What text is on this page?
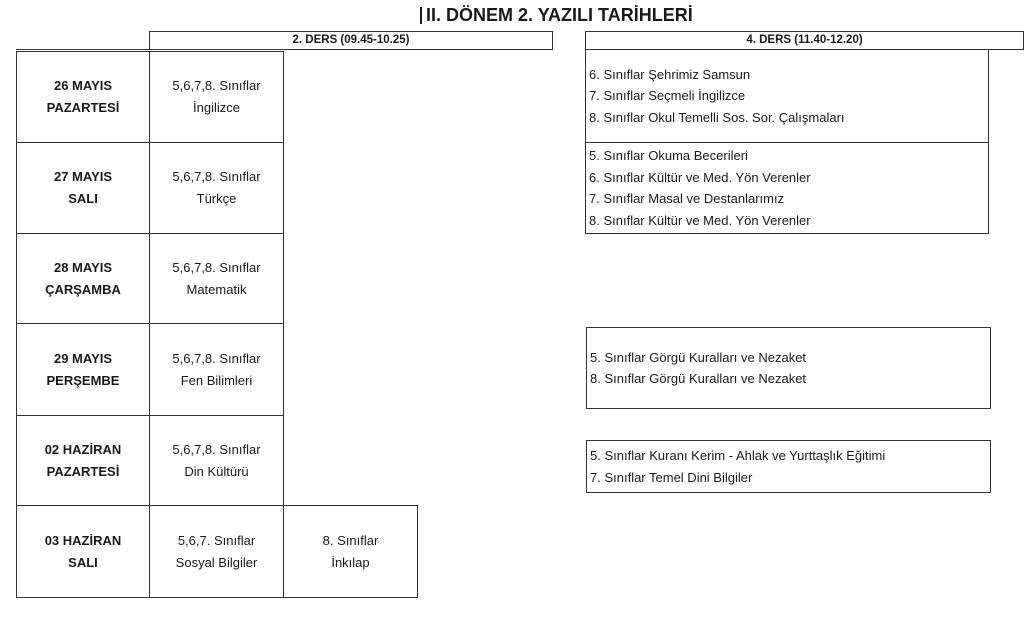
II. DÖNEM 2. YAZILI TARİHLERİ
2. DERS (09.45-10.25)	4. DERS (11.40-12.20)
26 MAYIS
PAZARTESİ
5,6,7,8. Sınıflar
İngilizce
27 MAYIS
SALI
5,6,7,8. Sınıflar
Türkçe
28 MAYIS
ÇARŞAMBA
5,6,7,8. Sınıflar
Matematik
29 MAYIS
PERŞEMBE
5,6,7,8. Sınıflar
Fen Bilimleri
02 HAZİRAN
PAZARTESİ
5,6,7,8. Sınıflar
Din Kültürü
03 HAZİRAN
SALI
5,6,7. Sınıflar
Sosyal Bilgiler
8. Sınıflar
İnkılap
6. Sınıflar Şehrimiz Samsun
7. Sınıflar Seçmeli İngilizce
8. Sınıflar Okul Temelli Sos. Sor. Çalışmaları
5. Sınıflar Okuma Becerileri
6. Sınıflar Kültür ve Med. Yön Verenler
7. Sınıflar Masal ve Destanlarımız
8. Sınıflar Kültür ve Med. Yön Verenler
5. Sınıflar Görgü Kuralları ve Nezaket
8. Sınıflar Görgü Kuralları ve Nezaket
5. Sınıflar Kuranı Kerim - Ahlak ve Yurttaşlık Eğitimi
7. Sınıflar Temel Dini Bilgiler
